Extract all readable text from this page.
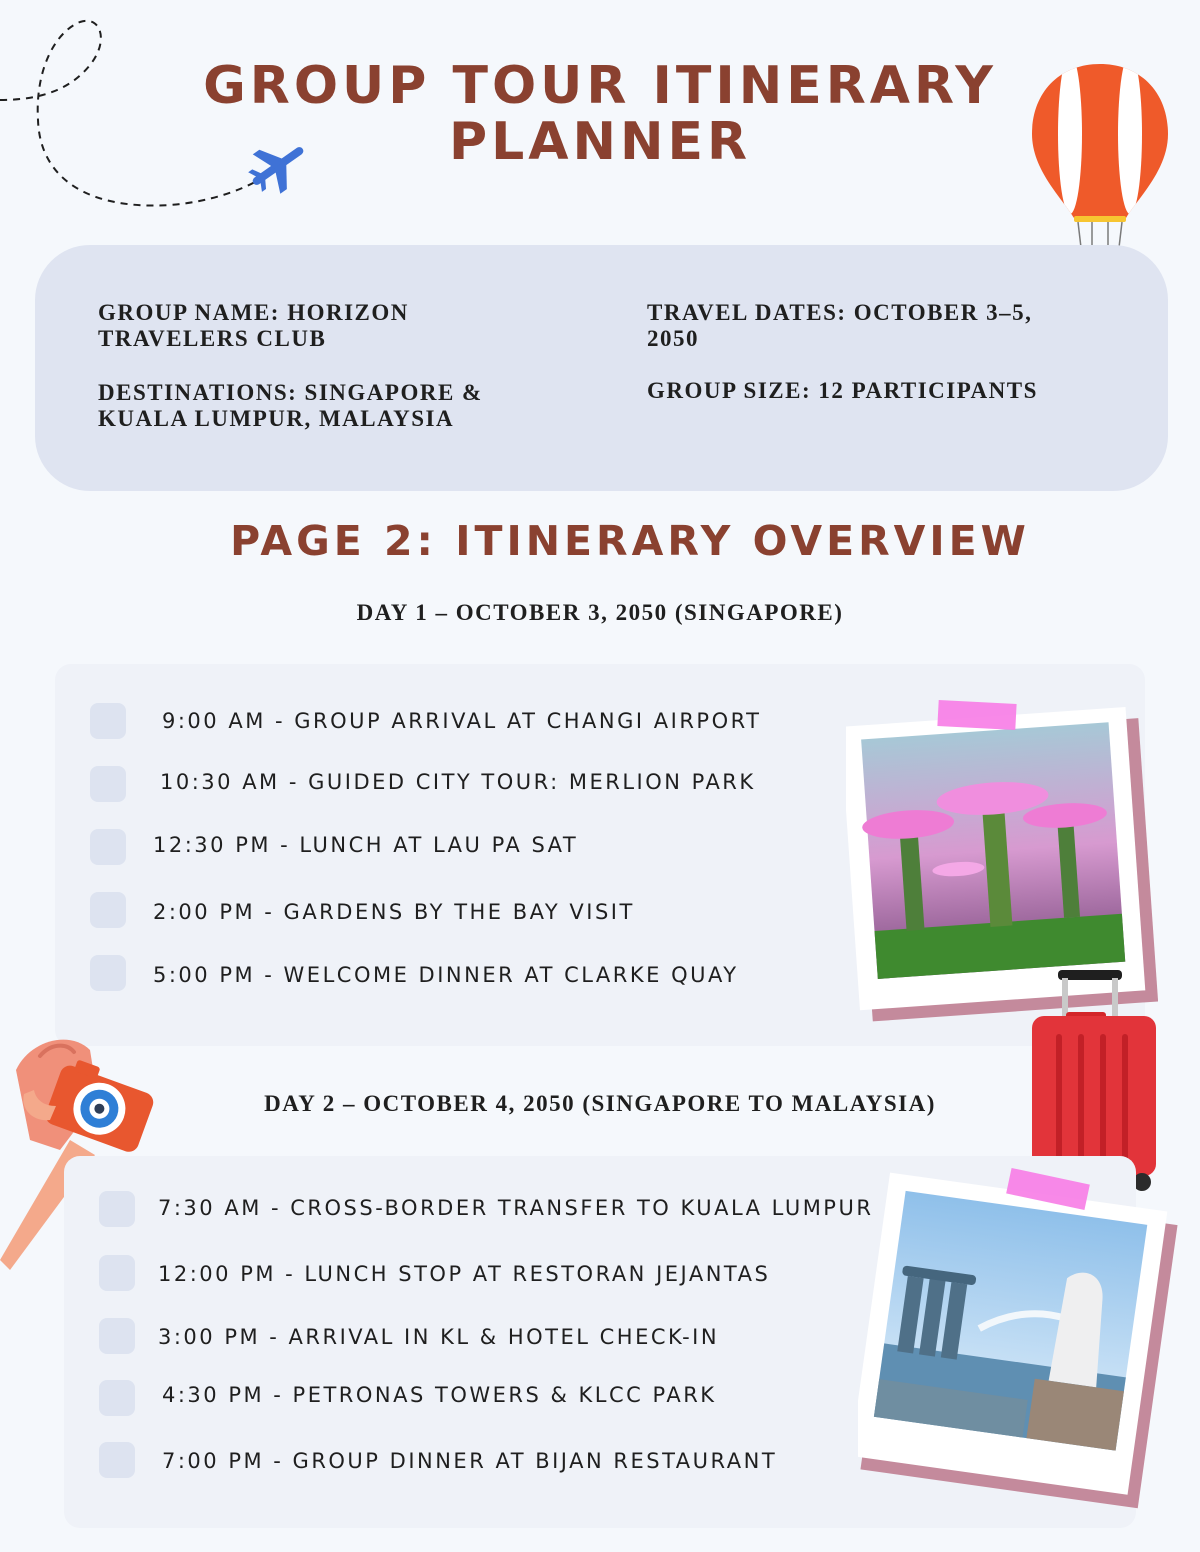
GROUP TOUR ITINERARY
PLANNER

GROUP NAME: HORIZON TRAVELERS CLUB

DESTINATIONS: SINGAPORE & KUALA LUMPUR, MALAYSIA

TRAVEL DATES: OCTOBER 3–5, 2050

GROUP SIZE: 12 PARTICIPANTS

PAGE 2: ITINERARY OVERVIEW

DAY 1 – OCTOBER 3, 2050 (SINGAPORE)

9:00 AM - GROUP ARRIVAL AT CHANGI AIRPORT
10:30 AM - GUIDED CITY TOUR: MERLION PARK
12:30 PM - LUNCH AT LAU PA SAT
2:00 PM - GARDENS BY THE BAY VISIT
5:00 PM - WELCOME DINNER AT CLARKE QUAY

DAY 2 – OCTOBER 4, 2050 (SINGAPORE TO MALAYSIA)

7:30 AM - CROSS-BORDER TRANSFER TO KUALA LUMPUR
12:00 PM - LUNCH STOP AT RESTORAN JEJANTAS
3:00 PM - ARRIVAL IN KL & HOTEL CHECK-IN
4:30 PM - PETRONAS TOWERS & KLCC PARK
7:00 PM - GROUP DINNER AT BIJAN RESTAURANT
